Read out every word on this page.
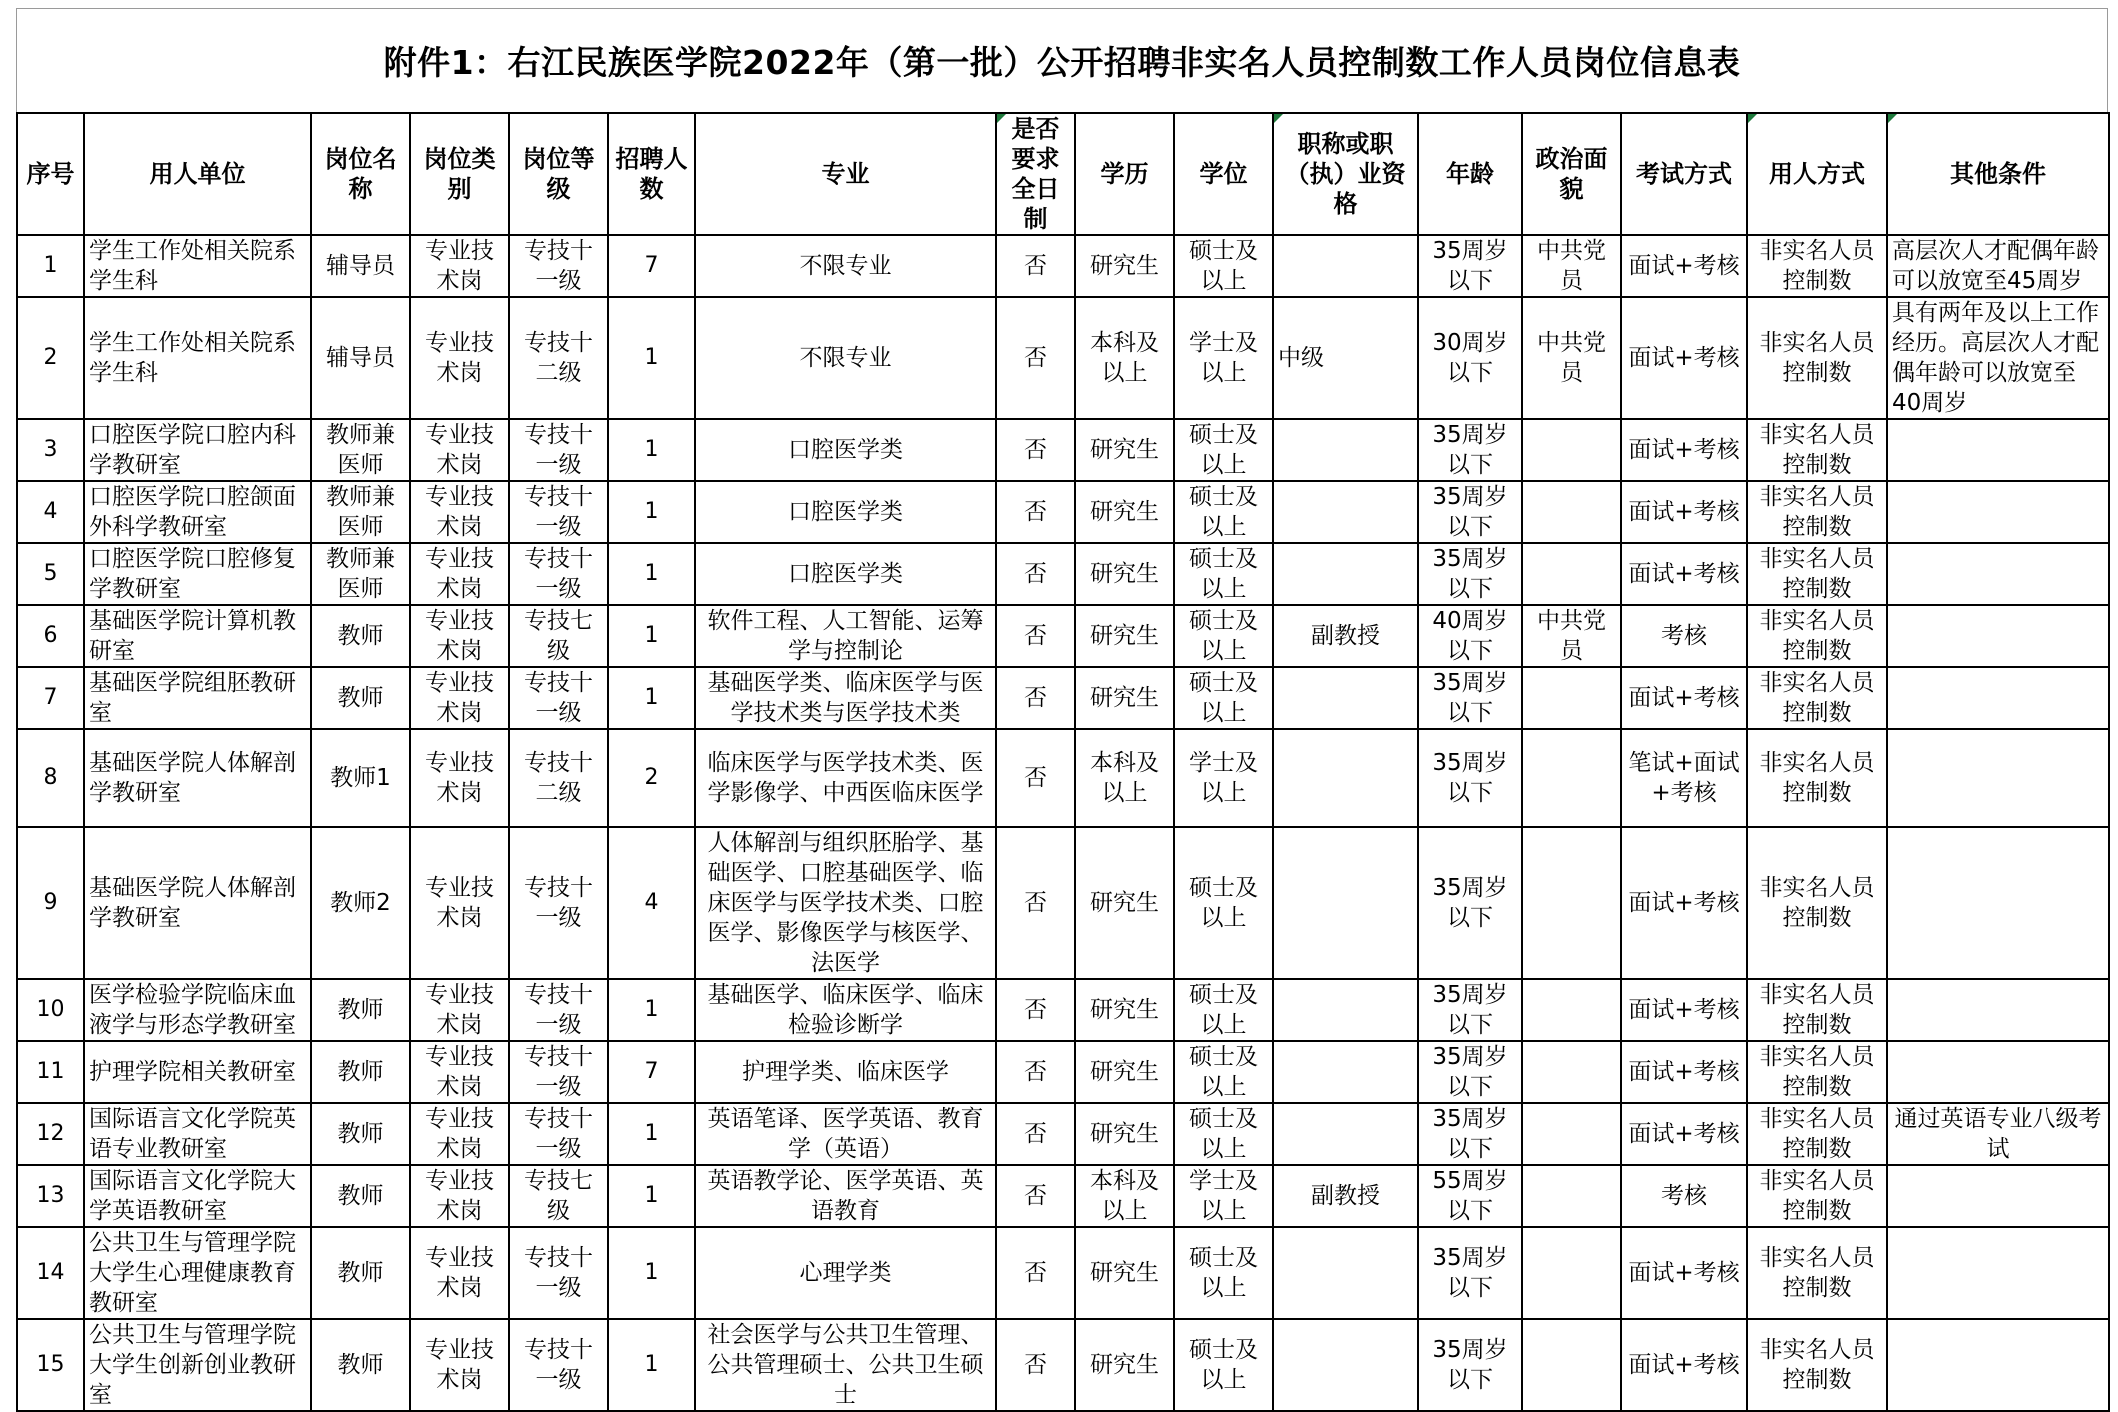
附件1：右江民族医学院2022年（第一批）公开招聘非实名人员控制数工作人员岗位信息表
序号	用人单位	岗位名称	岗位类别	岗位等级	招聘人数	专业	是否要求全日制	学历	学位	职称或职（执）业资格	年龄	政治面貌	考试方式	用人方式	其他条件
1	学生工作处相关院系学生科	辅导员	专业技术岗	专技十一级	7	不限专业	否	研究生	硕士及以上		35周岁以下	中共党员	面试+考核	非实名人员控制数	高层次人才配偶年龄可以放宽至45周岁
2	学生工作处相关院系学生科	辅导员	专业技术岗	专技十二级	1	不限专业	否	本科及以上	学士及以上	中级	30周岁以下	中共党员	面试+考核	非实名人员控制数	具有两年及以上工作经历。高层次人才配偶年龄可以放宽至40周岁
3	口腔医学院口腔内科学教研室	教师兼医师	专业技术岗	专技十一级	1	口腔医学类	否	研究生	硕士及以上		35周岁以下		面试+考核	非实名人员控制数	
4	口腔医学院口腔颌面外科学教研室	教师兼医师	专业技术岗	专技十一级	1	口腔医学类	否	研究生	硕士及以上		35周岁以下		面试+考核	非实名人员控制数	
5	口腔医学院口腔修复学教研室	教师兼医师	专业技术岗	专技十一级	1	口腔医学类	否	研究生	硕士及以上		35周岁以下		面试+考核	非实名人员控制数	
6	基础医学院计算机教研室	教师	专业技术岗	专技七级	1	软件工程、人工智能、运筹学与控制论	否	研究生	硕士及以上	副教授	40周岁以下	中共党员	考核	非实名人员控制数	
7	基础医学院组胚教研室	教师	专业技术岗	专技十一级	1	基础医学类、临床医学与医学技术类与医学技术类	否	研究生	硕士及以上		35周岁以下		面试+考核	非实名人员控制数	
8	基础医学院人体解剖学教研室	教师1	专业技术岗	专技十二级	2	临床医学与医学技术类、医学影像学、中西医临床医学	否	本科及以上	学士及以上		35周岁以下		笔试+面试+考核	非实名人员控制数	
9	基础医学院人体解剖学教研室	教师2	专业技术岗	专技十一级	4	人体解剖与组织胚胎学、基础医学、口腔基础医学、临床医学与医学技术类、口腔医学、影像医学与核医学、法医学	否	研究生	硕士及以上		35周岁以下		面试+考核	非实名人员控制数	
10	医学检验学院临床血液学与形态学教研室	教师	专业技术岗	专技十一级	1	基础医学、临床医学、临床检验诊断学	否	研究生	硕士及以上		35周岁以下		面试+考核	非实名人员控制数	
11	护理学院相关教研室	教师	专业技术岗	专技十一级	7	护理学类、临床医学	否	研究生	硕士及以上		35周岁以下		面试+考核	非实名人员控制数	
12	国际语言文化学院英语专业教研室	教师	专业技术岗	专技十一级	1	英语笔译、医学英语、教育学（英语）	否	研究生	硕士及以上		35周岁以下		面试+考核	非实名人员控制数	通过英语专业八级考试
13	国际语言文化学院大学英语教研室	教师	专业技术岗	专技七级	1	英语教学论、医学英语、英语教育	否	本科及以上	学士及以上	副教授	55周岁以下		考核	非实名人员控制数	
14	公共卫生与管理学院大学生心理健康教育教研室	教师	专业技术岗	专技十一级	1	心理学类	否	研究生	硕士及以上		35周岁以下		面试+考核	非实名人员控制数	
15	公共卫生与管理学院大学生创新创业教研室	教师	专业技术岗	专技十一级	1	社会医学与公共卫生管理、公共管理硕士、公共卫生硕士	否	研究生	硕士及以上		35周岁以下		面试+考核	非实名人员控制数	
